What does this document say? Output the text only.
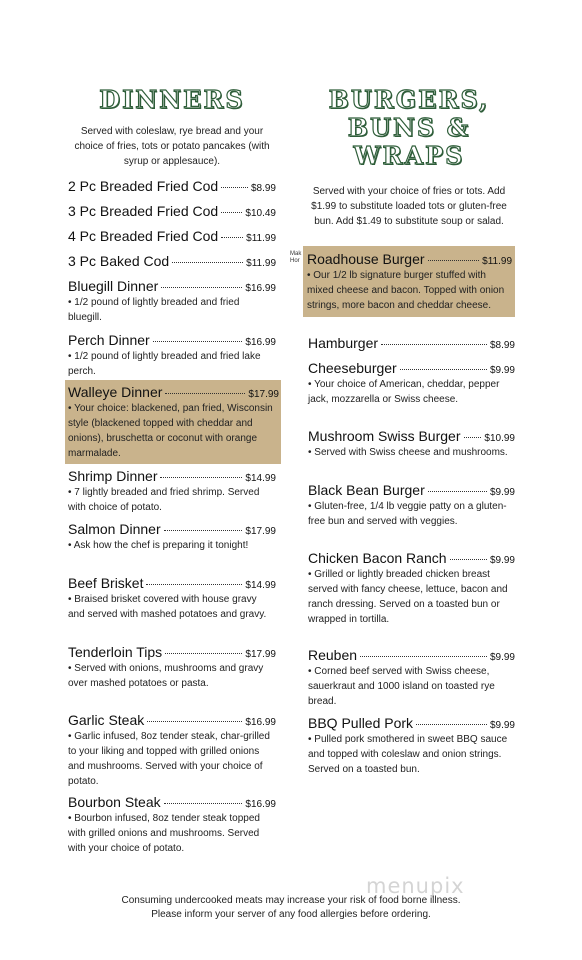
DINNERS
Served with coleslaw, rye bread and your choice of fries, tots or potato pancakes (with syrup or applesauce).
2 Pc Breaded Fried Cod	$8.99
3 Pc Breaded Fried Cod	$10.49
4 Pc Breaded Fried Cod	$11.99
3 Pc Baked Cod	$11.99
Bluegill Dinner	$16.99
• 1/2 pound of lightly breaded and fried bluegill.
Perch Dinner	$16.99
• 1/2 pound of lightly breaded and fried lake perch.
Walleye Dinner	$17.99
• Your choice: blackened, pan fried, Wisconsin style (blackened topped with cheddar and onions), bruschetta or coconut with orange marmalade.
Shrimp Dinner	$14.99
• 7 lightly breaded and fried shrimp. Served with choice of potato.
Salmon Dinner	$17.99
• Ask how the chef is preparing it tonight!
Beef Brisket	$14.99
• Braised brisket covered with house gravy and served with mashed potatoes and gravy.
Tenderloin Tips	$17.99
• Served with onions, mushrooms and gravy over mashed potatoes or pasta.
Garlic Steak	$16.99
• Garlic infused, 8oz tender steak, char-grilled to your liking and topped with grilled onions and mushrooms. Served with your choice of potato.
Bourbon Steak	$16.99
• Bourbon infused, 8oz tender steak topped with grilled onions and mushrooms. Served with your choice of potato.
BURGERS,
BUNS &
WRAPS
Served with your choice of fries or tots. Add $1.99 to substitute loaded tots or gluten-free bun. Add $1.49 to substitute soup or salad.
Roadhouse Burger	$11.99
• Our 1/2 lb signature burger stuffed with mixed cheese and bacon. Topped with onion strings, more bacon and cheddar cheese.
Hamburger	$8.99
Cheeseburger	$9.99
• Your choice of American, cheddar, pepper jack, mozzarella or Swiss cheese.
Mushroom Swiss Burger $10.99
• Served with Swiss cheese and mushrooms.
Black Bean Burger	$9.99
• Gluten-free, 1/4 lb veggie patty on a gluten-free bun and served with veggies.
Chicken Bacon Ranch	$9.99
• Grilled or lightly breaded chicken breast served with fancy cheese, lettuce, bacon and ranch dressing. Served on a toasted bun or wrapped in tortilla.
Reuben	$9.99
• Corned beef served with Swiss cheese, sauerkraut and 1000 island on toasted rye bread.
BBQ Pulled Pork	$9.99
• Pulled pork smothered in sweet BBQ sauce and topped with coleslaw and onion strings. Served on a toasted bun.
Mak Hor
menupix
Consuming undercooked meats may increase your risk of food borne illness.
Please inform your server of any food allergies before ordering.
